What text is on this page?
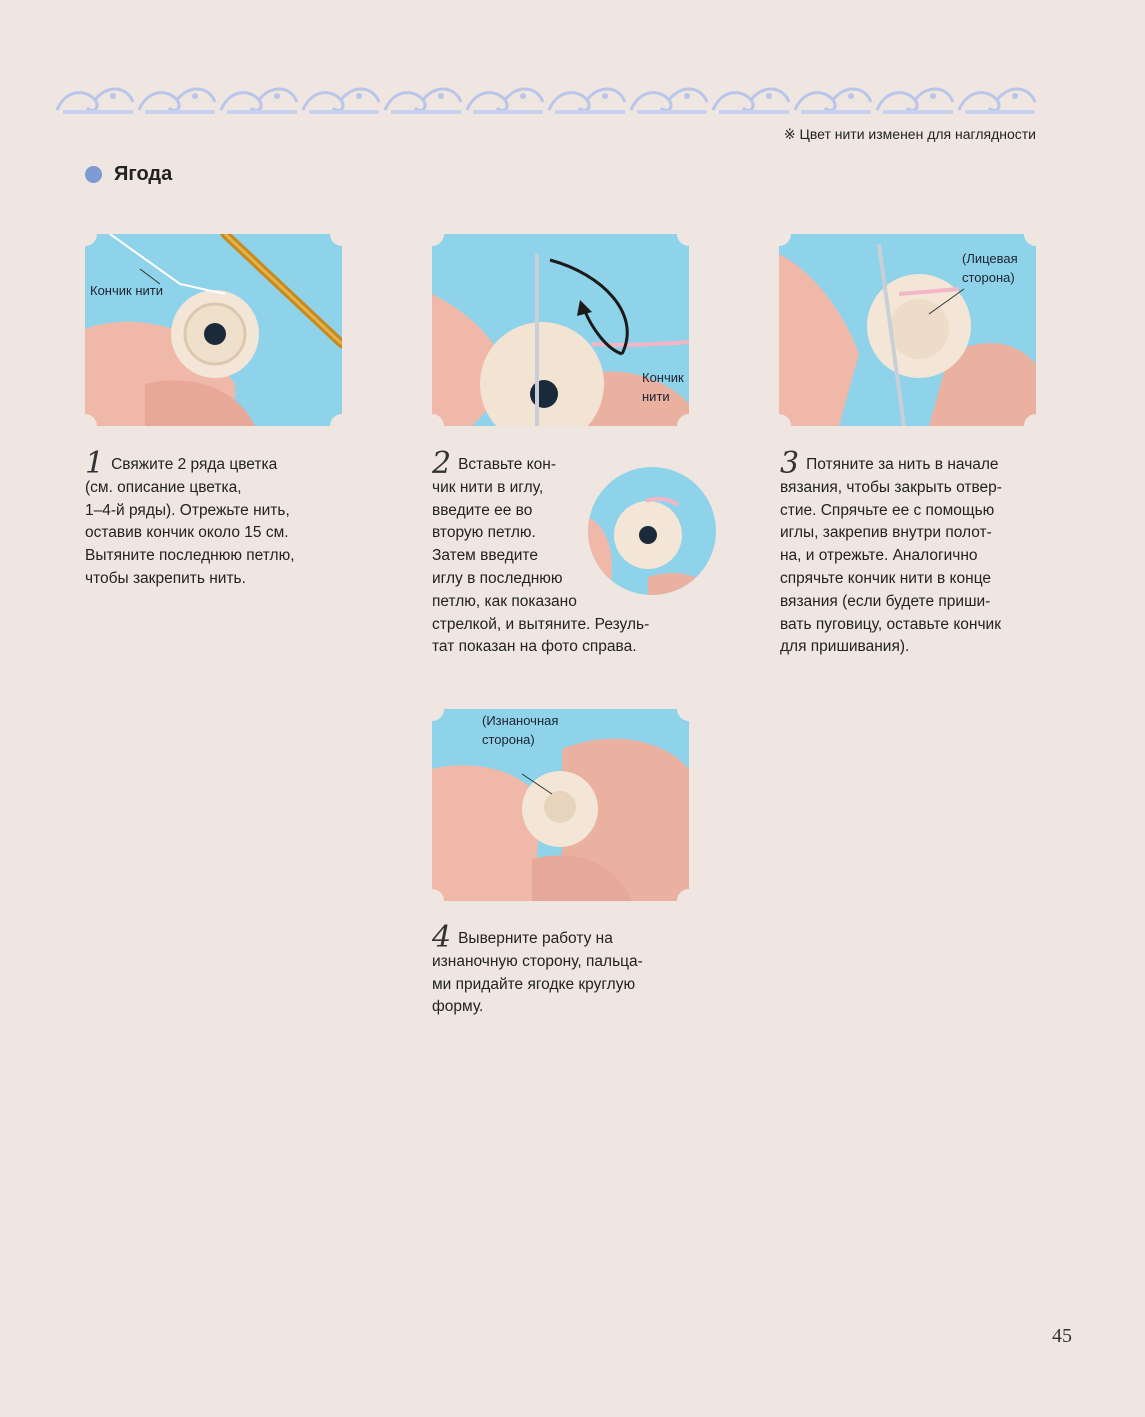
※ Цвет нити изменен для наглядности
Ягода
Кончик нити
Кончик
нити
(Лицевая
сторона)
(Изнаночная
сторона)
1 Свяжите 2 ряда цветка
(см. описание цветка,
1–4-й ряды). Отрежьте нить,
оставив кончик около 15 см.
Вытяните последнюю петлю,
чтобы закрепить нить.
2 Вставьте кон-
чик нити в иглу,
введите ее во
вторую петлю.
Затем введите
иглу в последнюю
петлю, как показано
стрелкой, и вытяните. Резуль-
тат показан на фото справа.
3 Потяните за нить в начале
вязания, чтобы закрыть отвер-
стие. Спрячьте ее с помощью
иглы, закрепив внутри полот-
на, и отрежьте. Аналогично
спрячьте кончик нити в конце
вязания (если будете приши-
вать пуговицу, оставьте кончик
для пришивания).
4 Выверните работу на
изнаночную сторону, пальца-
ми придайте ягодке круглую
форму.
45
